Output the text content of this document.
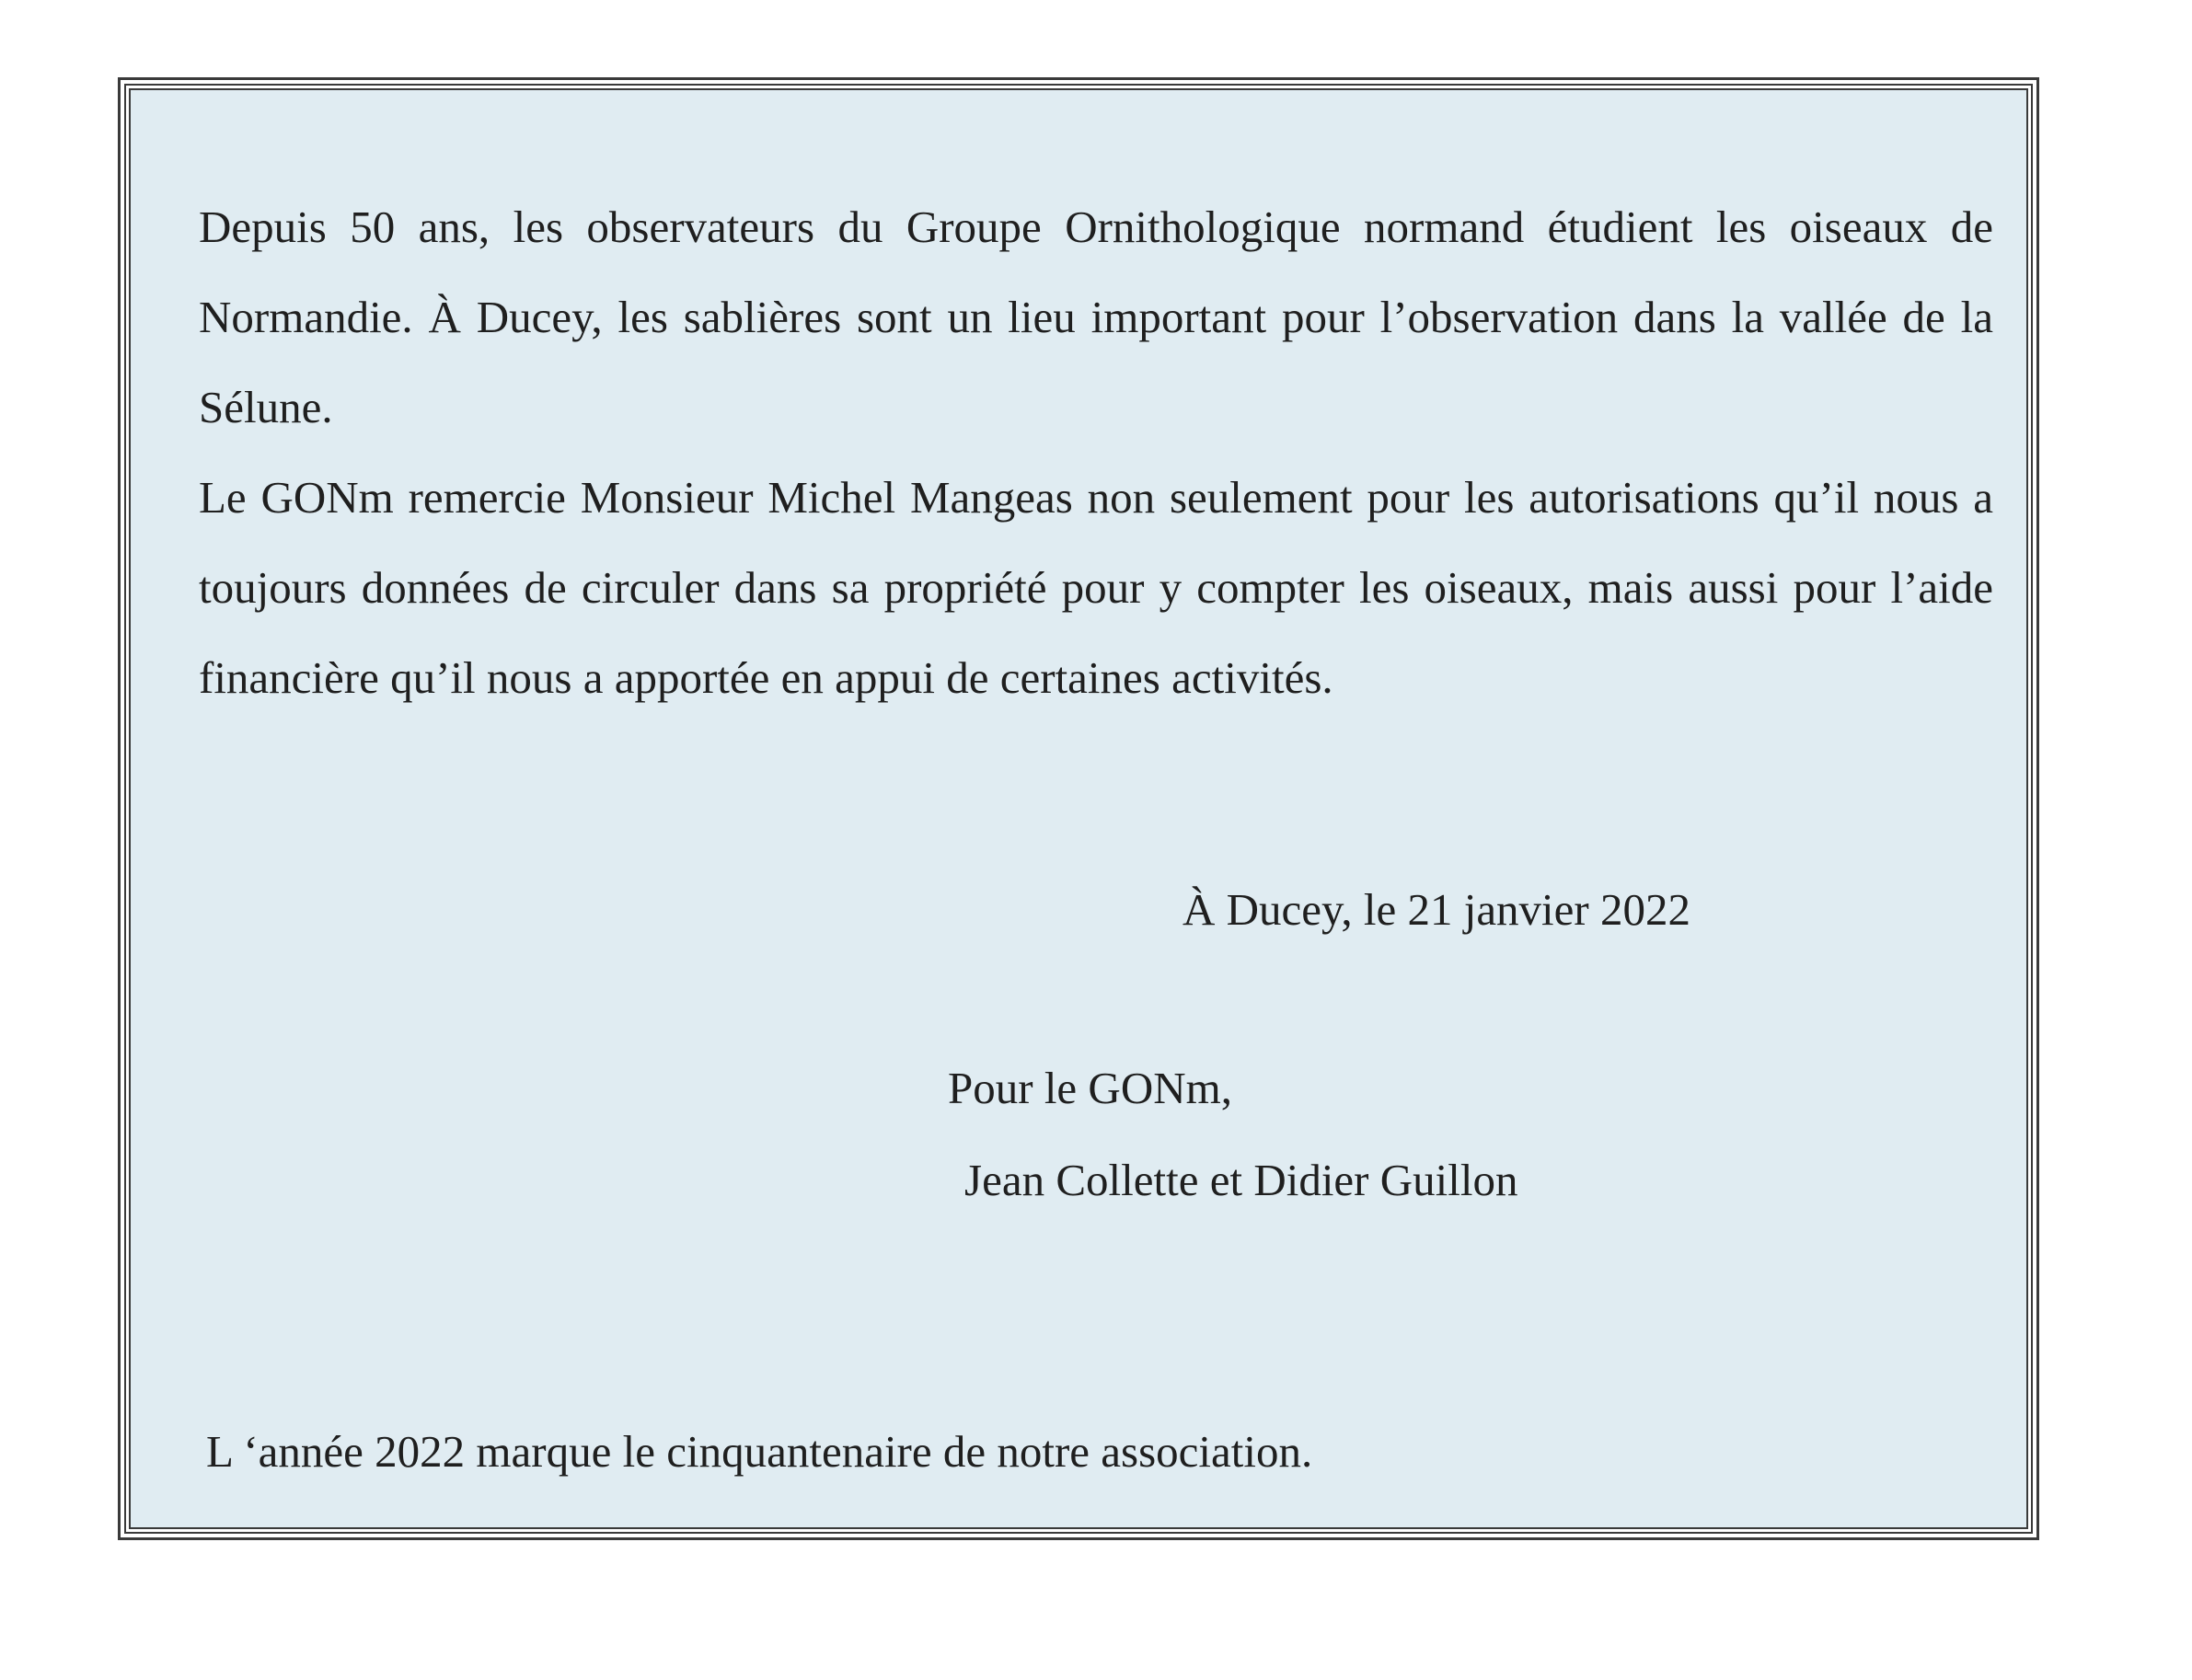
Depuis 50 ans, les observateurs du Groupe Ornithologique normand étudient les oiseaux de Normandie. À Ducey, les sablières sont un lieu important pour l’observation dans la vallée de la Sélune.

Le GONm remercie Monsieur Michel Mangeas non seulement pour les autorisations qu’il nous a toujours données de circuler dans sa propriété pour y compter les oiseaux, mais aussi pour l’aide financière qu’il nous a apportée en appui de certaines activités.

À Ducey, le 21 janvier 2022
Pour le GONm,
Jean Collette et Didier Guillon
L ‘année 2022 marque le cinquantenaire de notre association.
